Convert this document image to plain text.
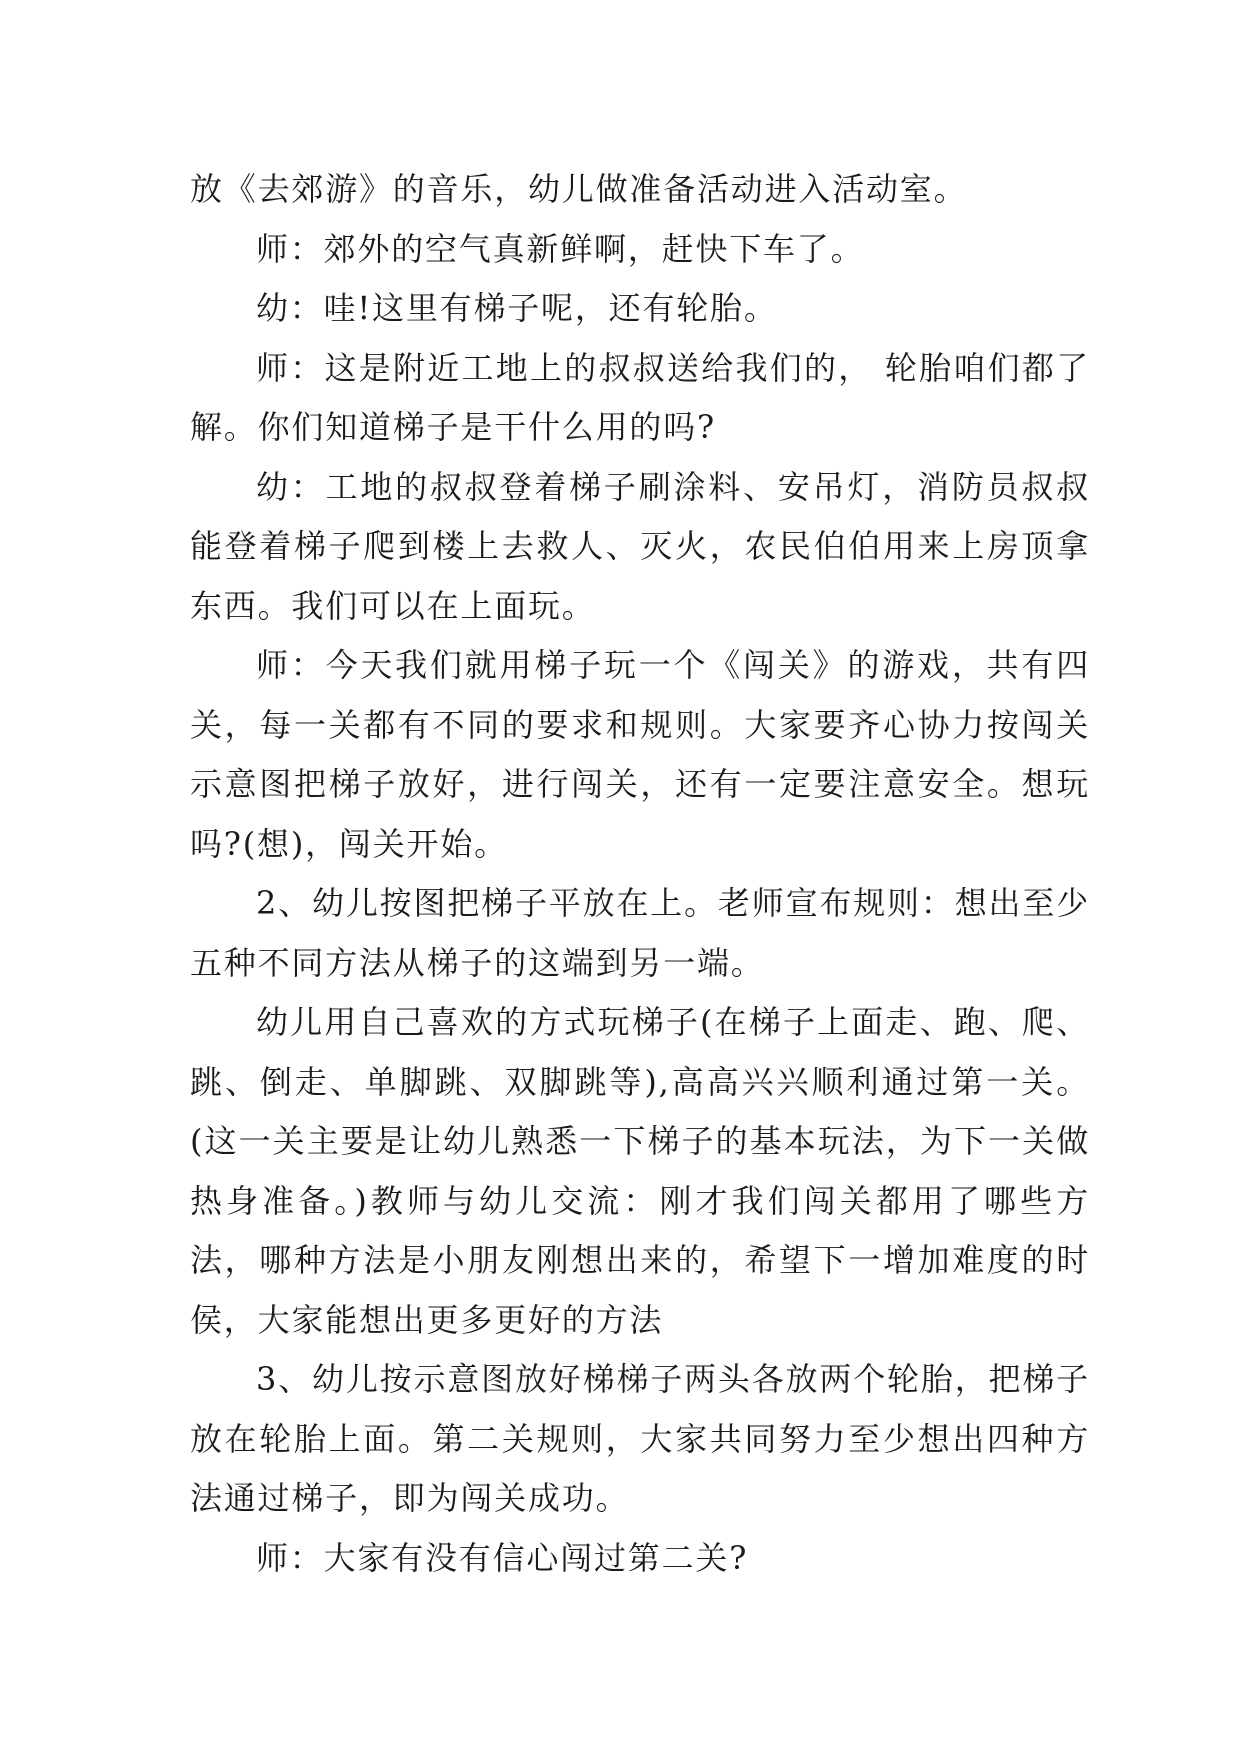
放《去郊游》的音乐，幼儿做准备活动进入活动室。

师：郊外的空气真新鲜啊，赶快下车了。

幼：哇!这里有梯子呢，还有轮胎。

师：这是附近工地上的叔叔送给我们的， 轮胎咱们都了解。你们知道梯子是干什么用的吗?

幼：工地的叔叔登着梯子刷涂料、安吊灯，消防员叔叔能登着梯子爬到楼上去救人、灭火，农民伯伯用来上房顶拿东西。我们可以在上面玩。

师：今天我们就用梯子玩一个《闯关》的游戏，共有四关，每一关都有不同的要求和规则。大家要齐心协力按闯关示意图把梯子放好，进行闯关，还有一定要注意安全。想玩吗?(想)，闯关开始。

2、幼儿按图把梯子平放在上。老师宣布规则：想出至少五种不同方法从梯子的这端到另一端。

幼儿用自己喜欢的方式玩梯子(在梯子上面走、跑、爬、跳、倒走、单脚跳、双脚跳等),高高兴兴顺利通过第一关。(这一关主要是让幼儿熟悉一下梯子的基本玩法，为下一关做热身准备。)教师与幼儿交流：刚才我们闯关都用了哪些方法，哪种方法是小朋友刚想出来的，希望下一增加难度的时侯，大家能想出更多更好的方法

3、幼儿按示意图放好梯梯子两头各放两个轮胎，把梯子放在轮胎上面。第二关规则，大家共同努力至少想出四种方法通过梯子，即为闯关成功。

师：大家有没有信心闯过第二关?
